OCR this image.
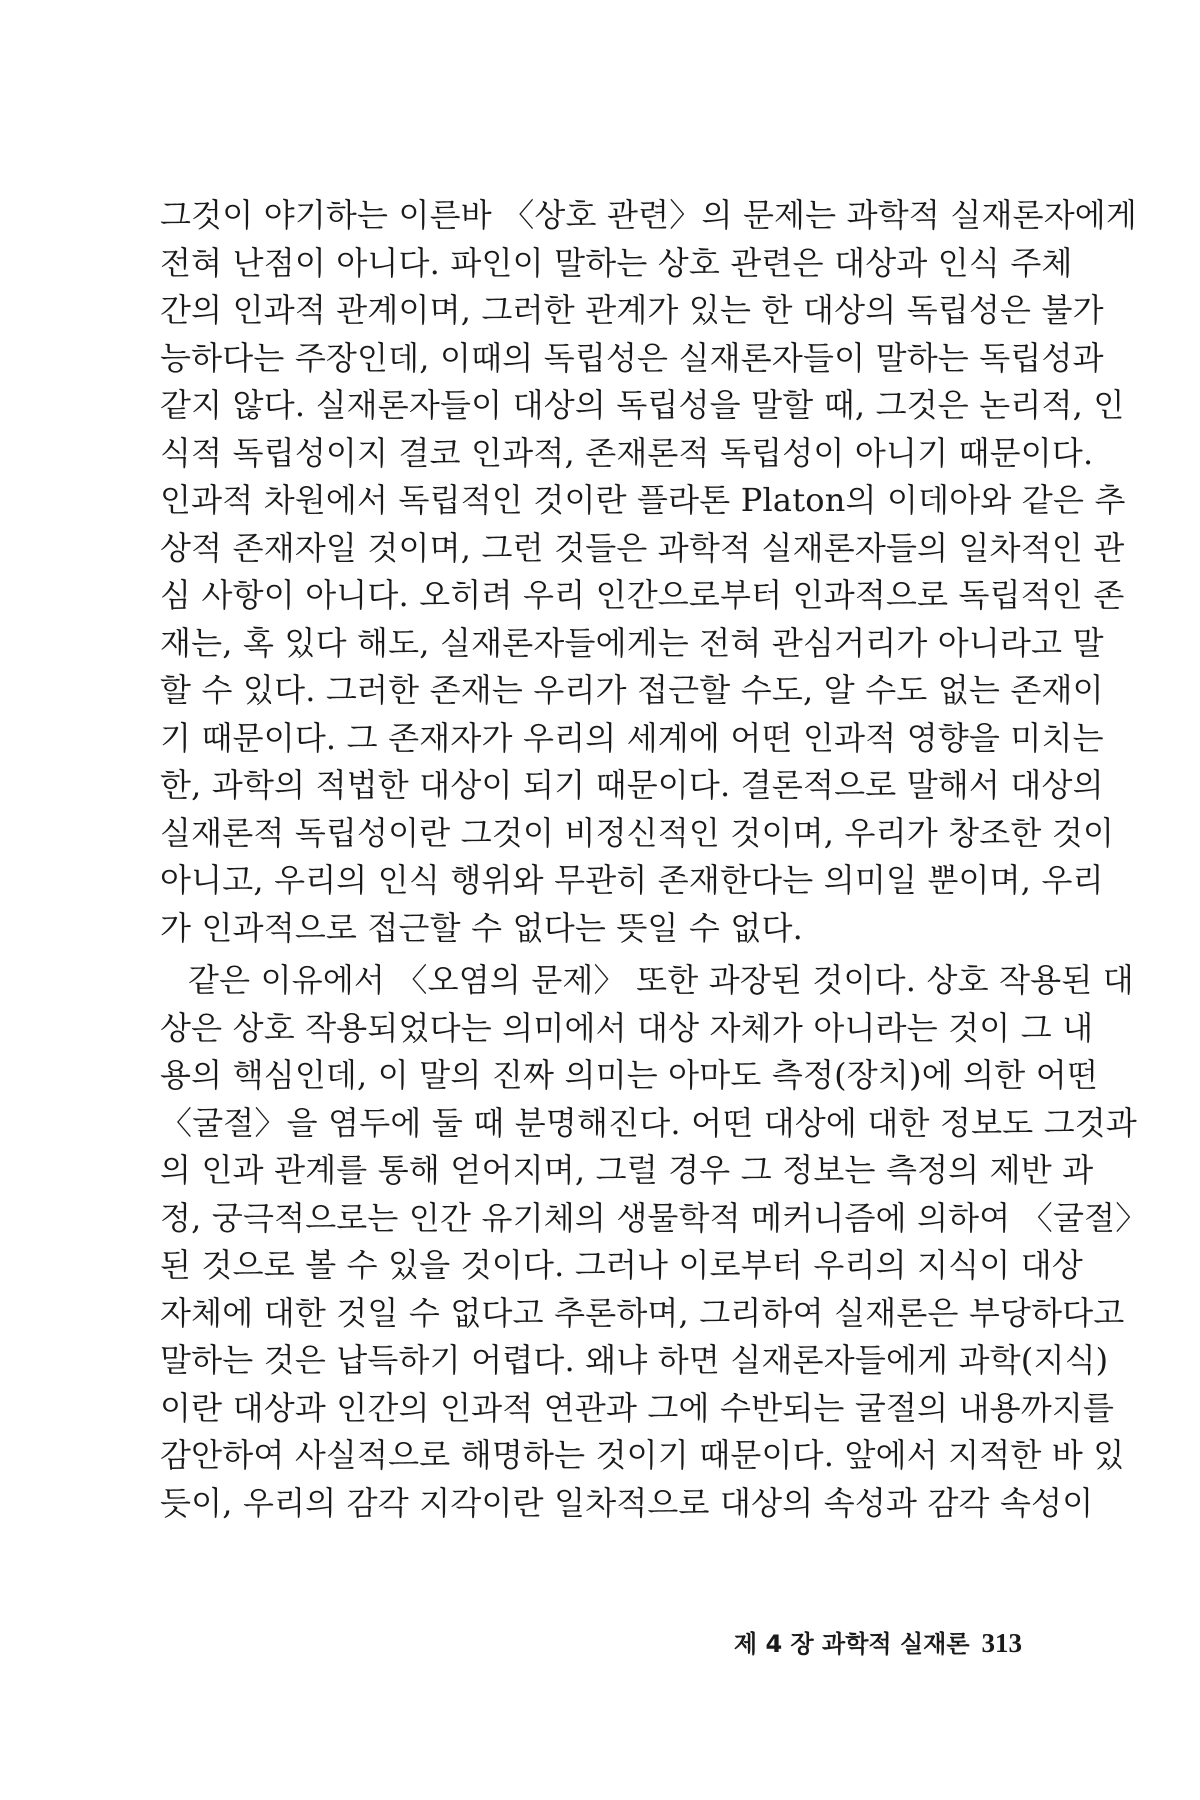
그것이 야기하는 이른바 〈상호 관련〉의 문제는 과학적 실재론자에게
전혀 난점이 아니다. 파인이 말하는 상호 관련은 대상과 인식 주체
간의 인과적 관계이며, 그러한 관계가 있는 한 대상의 독립성은 불가
능하다는 주장인데, 이때의 독립성은 실재론자들이 말하는 독립성과
같지 않다. 실재론자들이 대상의 독립성을 말할 때, 그것은 논리적, 인
식적 독립성이지 결코 인과적, 존재론적 독립성이 아니기 때문이다.
인과적 차원에서 독립적인 것이란 플라톤 Platon의 이데아와 같은 추
상적 존재자일 것이며, 그런 것들은 과학적 실재론자들의 일차적인 관
심 사항이 아니다. 오히려 우리 인간으로부터 인과적으로 독립적인 존
재는, 혹 있다 해도, 실재론자들에게는 전혀 관심거리가 아니라고 말
할 수 있다. 그러한 존재는 우리가 접근할 수도, 알 수도 없는 존재이
기 때문이다. 그 존재자가 우리의 세계에 어떤 인과적 영향을 미치는
한, 과학의 적법한 대상이 되기 때문이다. 결론적으로 말해서 대상의
실재론적 독립성이란 그것이 비정신적인 것이며, 우리가 창조한 것이
아니고, 우리의 인식 행위와 무관히 존재한다는 의미일 뿐이며, 우리
가 인과적으로 접근할 수 없다는 뜻일 수 없다.
같은 이유에서 〈오염의 문제〉 또한 과장된 것이다. 상호 작용된 대
상은 상호 작용되었다는 의미에서 대상 자체가 아니라는 것이 그 내
용의 핵심인데, 이 말의 진짜 의미는 아마도 측정(장치)에 의한 어떤
〈굴절〉을 염두에 둘 때 분명해진다. 어떤 대상에 대한 정보도 그것과
의 인과 관계를 통해 얻어지며, 그럴 경우 그 정보는 측정의 제반 과
정, 궁극적으로는 인간 유기체의 생물학적 메커니즘에 의하여 〈굴절〉
된 것으로 볼 수 있을 것이다. 그러나 이로부터 우리의 지식이 대상
자체에 대한 것일 수 없다고 추론하며, 그리하여 실재론은 부당하다고
말하는 것은 납득하기 어렵다. 왜냐 하면 실재론자들에게 과학(지식)
이란 대상과 인간의 인과적 연관과 그에 수반되는 굴절의 내용까지를
감안하여 사실적으로 해명하는 것이기 때문이다. 앞에서 지적한 바 있
듯이, 우리의 감각 지각이란 일차적으로 대상의 속성과 감각 속성이
제 4 장 과학적 실재론 313
